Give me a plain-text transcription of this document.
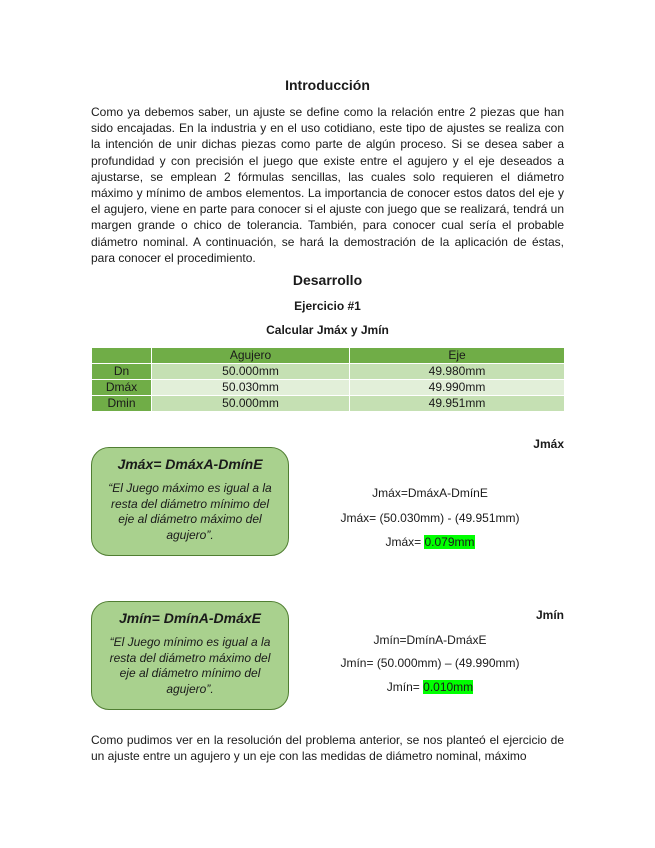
Introducción
Como ya debemos saber, un ajuste se define como la relación entre 2 piezas que han sido encajadas. En la industria y en el uso cotidiano, este tipo de ajustes se realiza con la intención de unir dichas piezas como parte de algún proceso. Si se desea saber a profundidad y con precisión el juego que existe entre el agujero y el eje deseados a ajustarse, se emplean 2 fórmulas sencillas, las cuales solo requieren el diámetro máximo y mínimo de ambos elementos. La importancia de conocer estos datos del eje y el agujero, viene en parte para conocer si el ajuste con juego que se realizará, tendrá un margen grande o chico de tolerancia. También, para conocer cual sería el probable diámetro nominal. A continuación, se hará la demostración de la aplicación de éstas, para conocer el procedimiento.
Desarrollo
Ejercicio #1
Calcular Jmáx y Jmín
	Agujero	Eje
Dn	50.000mm	49.980mm
Dmáx	50.030mm	49.990mm
Dmin	50.000mm	49.951mm
Jmáx
Jmáx= DmáxA-DmínE
“El Juego máximo es igual a la resta del diámetro mínimo del eje al diámetro máximo del agujero”.
Jmáx=DmáxA-DmínE
Jmáx= (50.030mm) - (49.951mm)
Jmáx= 0.079mm
Jmín
Jmín= DmínA-DmáxE
“El Juego mínimo es igual a la resta del diámetro máximo del eje al diámetro mínimo del agujero”.
Jmín=DmínA-DmáxE
Jmín= (50.000mm) – (49.990mm)
Jmín= 0.010mm
Como pudimos ver en la resolución del problema anterior, se nos planteó el ejercicio de un ajuste entre un agujero y un eje con las medidas de diámetro nominal, máximo
